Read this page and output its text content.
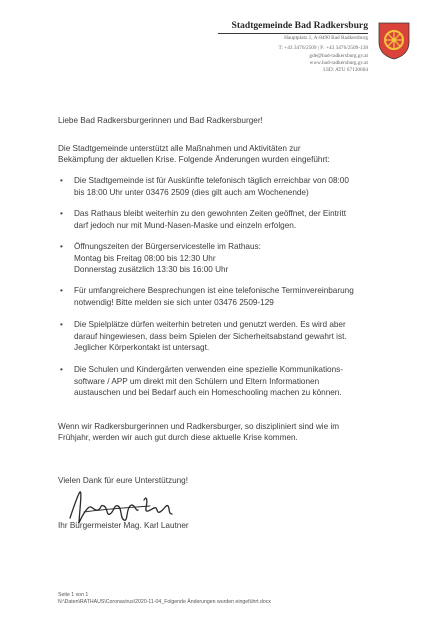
Stadtgemeinde Bad Radkersburg
Hauptplatz 1, A-8490 Bad Radkersburg
T: +43 3476/2509 | F: +43 3476/2509-138
gde@bad-radkersburg.gv.at
www.bad-radkersburg.gv.at
UID: ATU 67130604
Liebe Bad Radkersburgerinnen und Bad Radkersburger!
Die Stadtgemeinde unterstützt alle Maßnahmen und Aktivitäten zur
Bekämpfung der aktuellen Krise. Folgende Änderungen wurden eingeführt:
• Die Stadtgemeinde ist für Auskünfte telefonisch täglich erreichbar von 08:00
bis 18:00 Uhr unter 03476 2509 (dies gilt auch am Wochenende)
• Das Rathaus bleibt weiterhin zu den gewohnten Zeiten geöffnet, der Eintritt
darf jedoch nur mit Mund-Nasen-Maske und einzeln erfolgen.
• Öffnungszeiten der Bürgerservicestelle im Rathaus:
Montag bis Freitag 08:00 bis 12:30 Uhr
Donnerstag zusätzlich 13:30 bis 16:00 Uhr
• Für umfangreichere Besprechungen ist eine telefonische Terminvereinbarung
notwendig! Bitte melden sie sich unter 03476 2509-129
• Die Spielplätze dürfen weiterhin betreten und genutzt werden. Es wird aber
darauf hingewiesen, dass beim Spielen der Sicherheitsabstand gewahrt ist.
Jeglicher Körperkontakt ist untersagt.
• Die Schulen und Kindergärten verwenden eine spezielle Kommunikations-
software / APP um direkt mit den Schülern und Eltern Informationen
austauschen und bei Bedarf auch ein Homeschooling machen zu können.
Wenn wir Radkersburgerinnen und Radkersburger, so diszipliniert sind wie im
Frühjahr, werden wir auch gut durch diese aktuelle Krise kommen.
Vielen Dank für eure Unterstützung!
Ihr Bürgermeister Mag. Karl Lautner
Seite 1 von 1
N:\Daten\RATHAUS\Coronavirus\2020-11-04_Folgende Änderungen wurden eingeführt.docx
